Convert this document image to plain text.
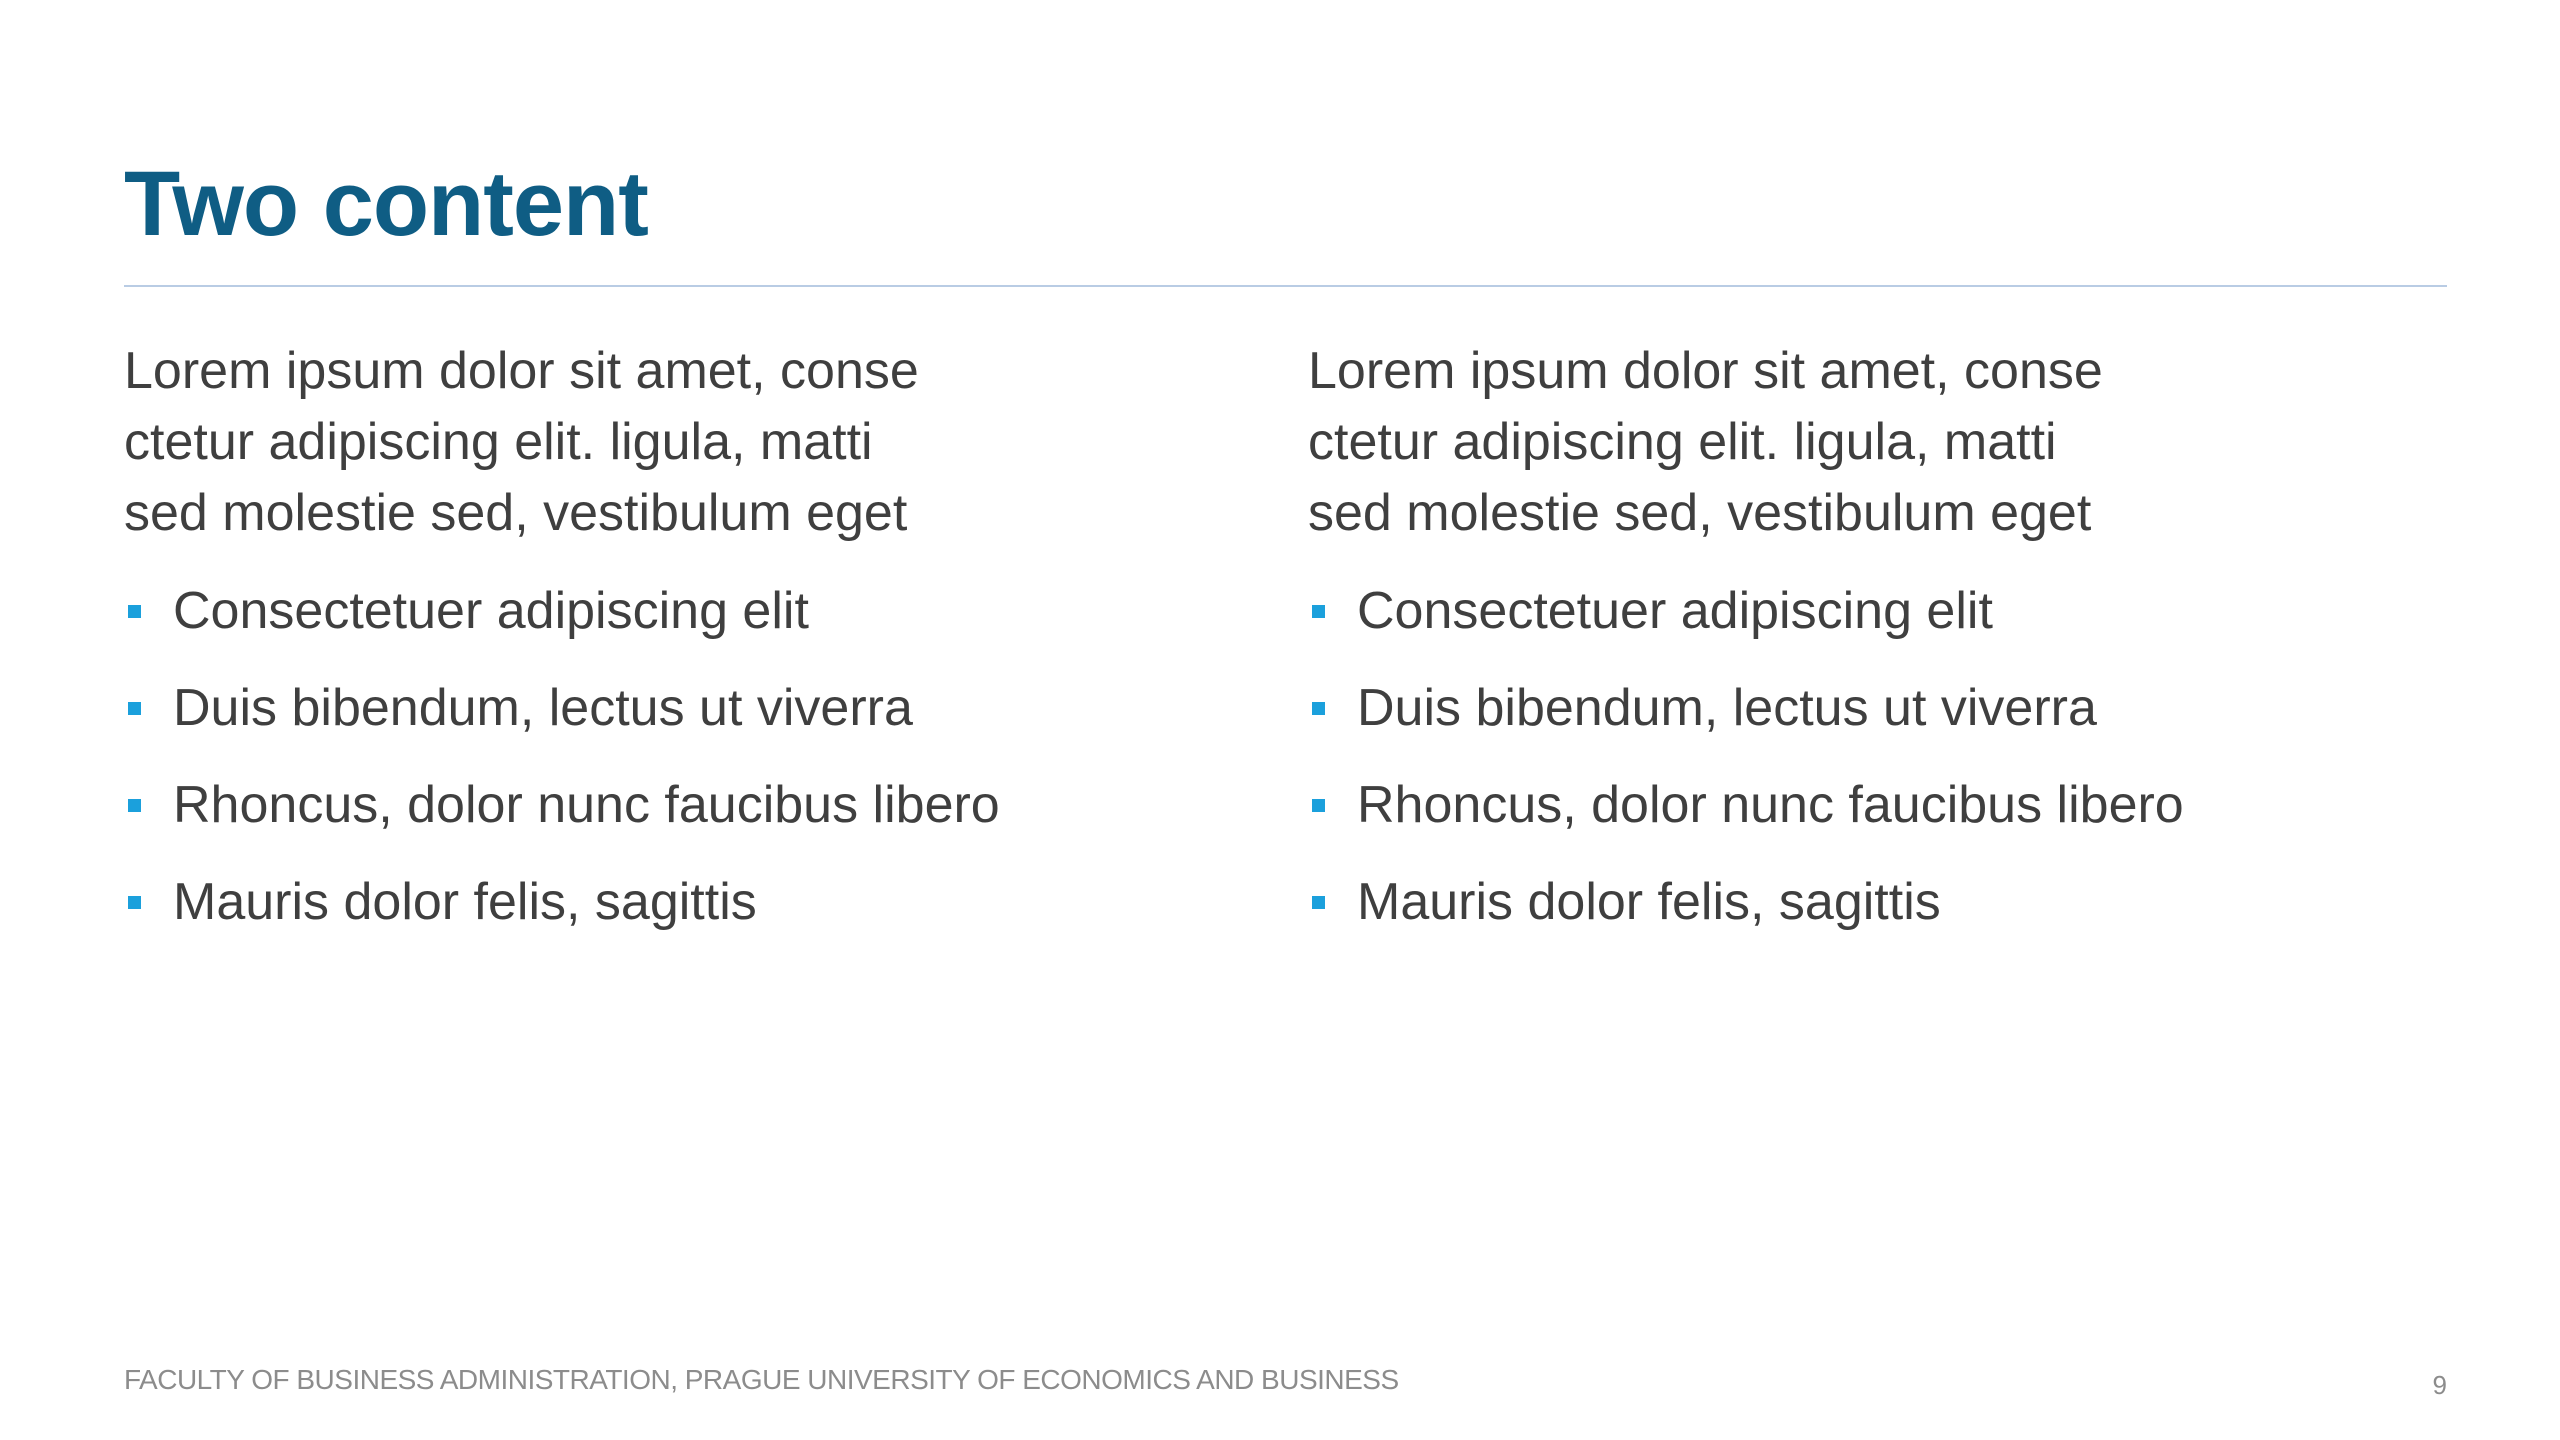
Two content

Lorem ipsum dolor sit amet, conse
ctetur adipiscing elit. ligula, matti
sed molestie sed, vestibulum eget

Consectetuer adipiscing elit
Duis bibendum, lectus ut viverra
Rhoncus, dolor nunc faucibus libero
Mauris dolor felis, sagittis

Lorem ipsum dolor sit amet, conse
ctetur adipiscing elit. ligula, matti
sed molestie sed, vestibulum eget

Consectetuer adipiscing elit
Duis bibendum, lectus ut viverra
Rhoncus, dolor nunc faucibus libero
Mauris dolor felis, sagittis
FACULTY OF BUSINESS ADMINISTRATION, PRAGUE UNIVERSITY OF ECONOMICS AND BUSINESS	9
